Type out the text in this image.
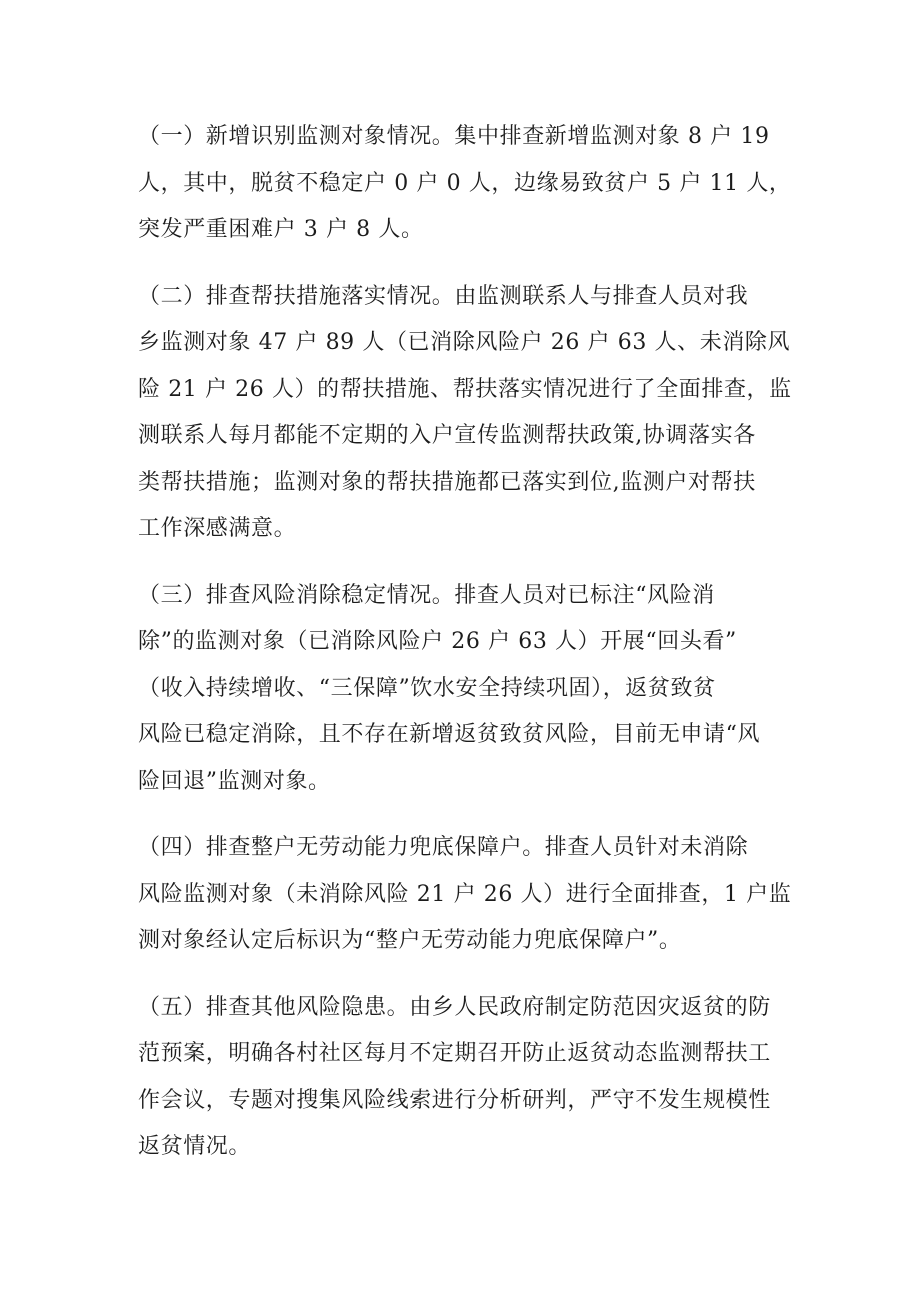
（一）新增识别监测对象情况。集中排查新增监测对象 8 户 19
人，其中，脱贫不稳定户 0 户 0 人，边缘易致贫户 5 户 11 人，
突发严重困难户 3 户 8 人。

（二）排查帮扶措施落实情况。由监测联系人与排查人员对我
乡监测对象 47 户 89 人（已消除风险户 26 户 63 人、未消除风
险 21 户 26 人）的帮扶措施、帮扶落实情况进行了全面排查，监
测联系人每月都能不定期的入户宣传监测帮扶政策,协调落实各
类帮扶措施；监测对象的帮扶措施都已落实到位,监测户对帮扶
工作深感满意。

（三）排查风险消除稳定情况。排查人员对已标注“风险消
除”的监测对象（已消除风险户 26 户 63 人）开展“回头看”
（收入持续增收、“三保障”饮水安全持续巩固），返贫致贫
风险已稳定消除，且不存在新增返贫致贫风险，目前无申请“风
险回退”监测对象。

（四）排查整户无劳动能力兜底保障户。排查人员针对未消除
风险监测对象（未消除风险 21 户 26 人）进行全面排查，1 户监
测对象经认定后标识为“整户无劳动能力兜底保障户”。

（五）排查其他风险隐患。由乡人民政府制定防范因灾返贫的防
范预案，明确各村社区每月不定期召开防止返贫动态监测帮扶工
作会议，专题对搜集风险线索进行分析研判，严守不发生规模性
返贫情况。
